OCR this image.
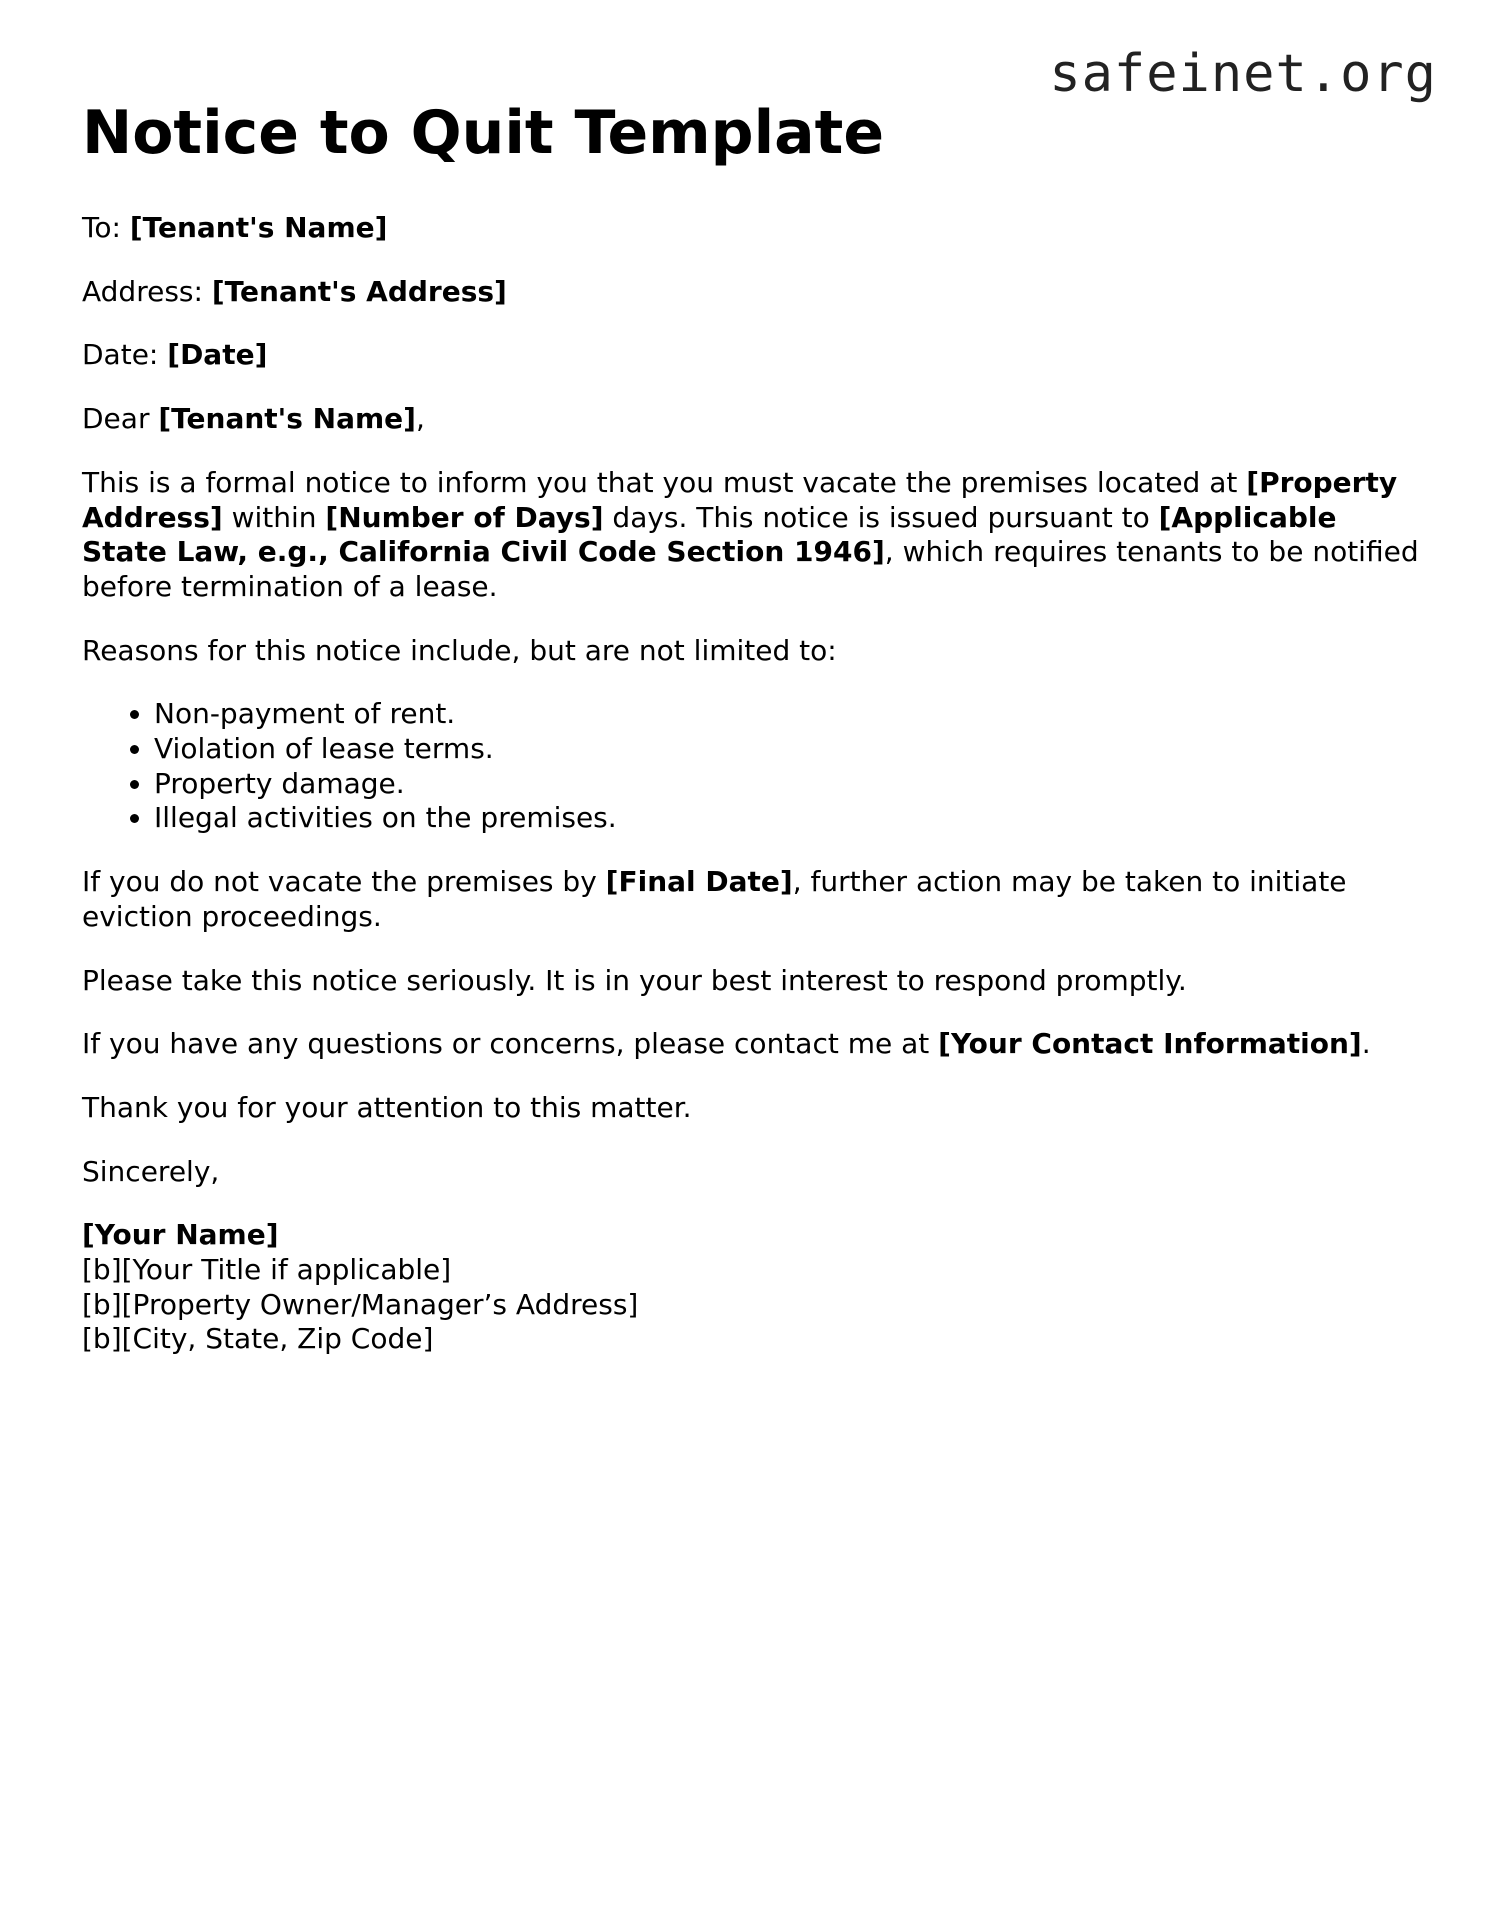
safeinet.org
Notice to Quit Template

To: [Tenant's Name]

Address: [Tenant's Address]

Date: [Date]

Dear [Tenant's Name],

This is a formal notice to inform you that you must vacate the premises located at [Property Address] within [Number of Days] days. This notice is issued pursuant to [Applicable State Law, e.g., California Civil Code Section 1946], which requires tenants to be notified before termination of a lease.

Reasons for this notice include, but are not limited to:

• Non-payment of rent.
• Violation of lease terms.
• Property damage.
• Illegal activities on the premises.

If you do not vacate the premises by [Final Date], further action may be taken to initiate eviction proceedings.

Please take this notice seriously. It is in your best interest to respond promptly.

If you have any questions or concerns, please contact me at [Your Contact Information].

Thank you for your attention to this matter.

Sincerely,

[Your Name]
[b][Your Title if applicable]
[b][Property Owner/Manager’s Address]
[b][City, State, Zip Code]
